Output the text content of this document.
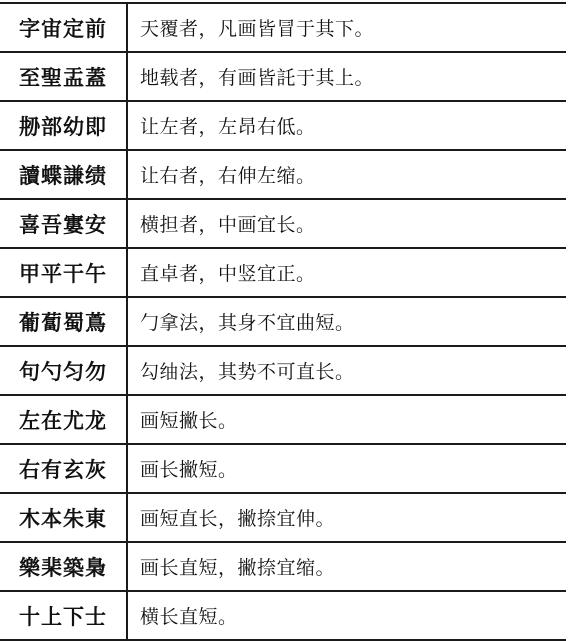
字宙定前	天覆者，凡画皆冒于其下。
至聖盂蓋	地载者，有画皆託于其上。
刱部幼即	让左者，左昂右低。
讀蝶謙绩	让右者，右伸左缩。
喜吾寠安	横担者，中画宜长。
甲平干午	直卓者，中竖宜正。
葡蔔蜀蔦	勹拿法，其身不宜曲短。
句勺匀勿	勾䌷法，其势不可直长。
左在尤龙	画短撇长。
右有玄灰	画长撇短。
木本朱東	画短直长，撇捺宜伸。
樂棐築梟	画长直短，撇捺宜缩。
十上下士	横长直短。
